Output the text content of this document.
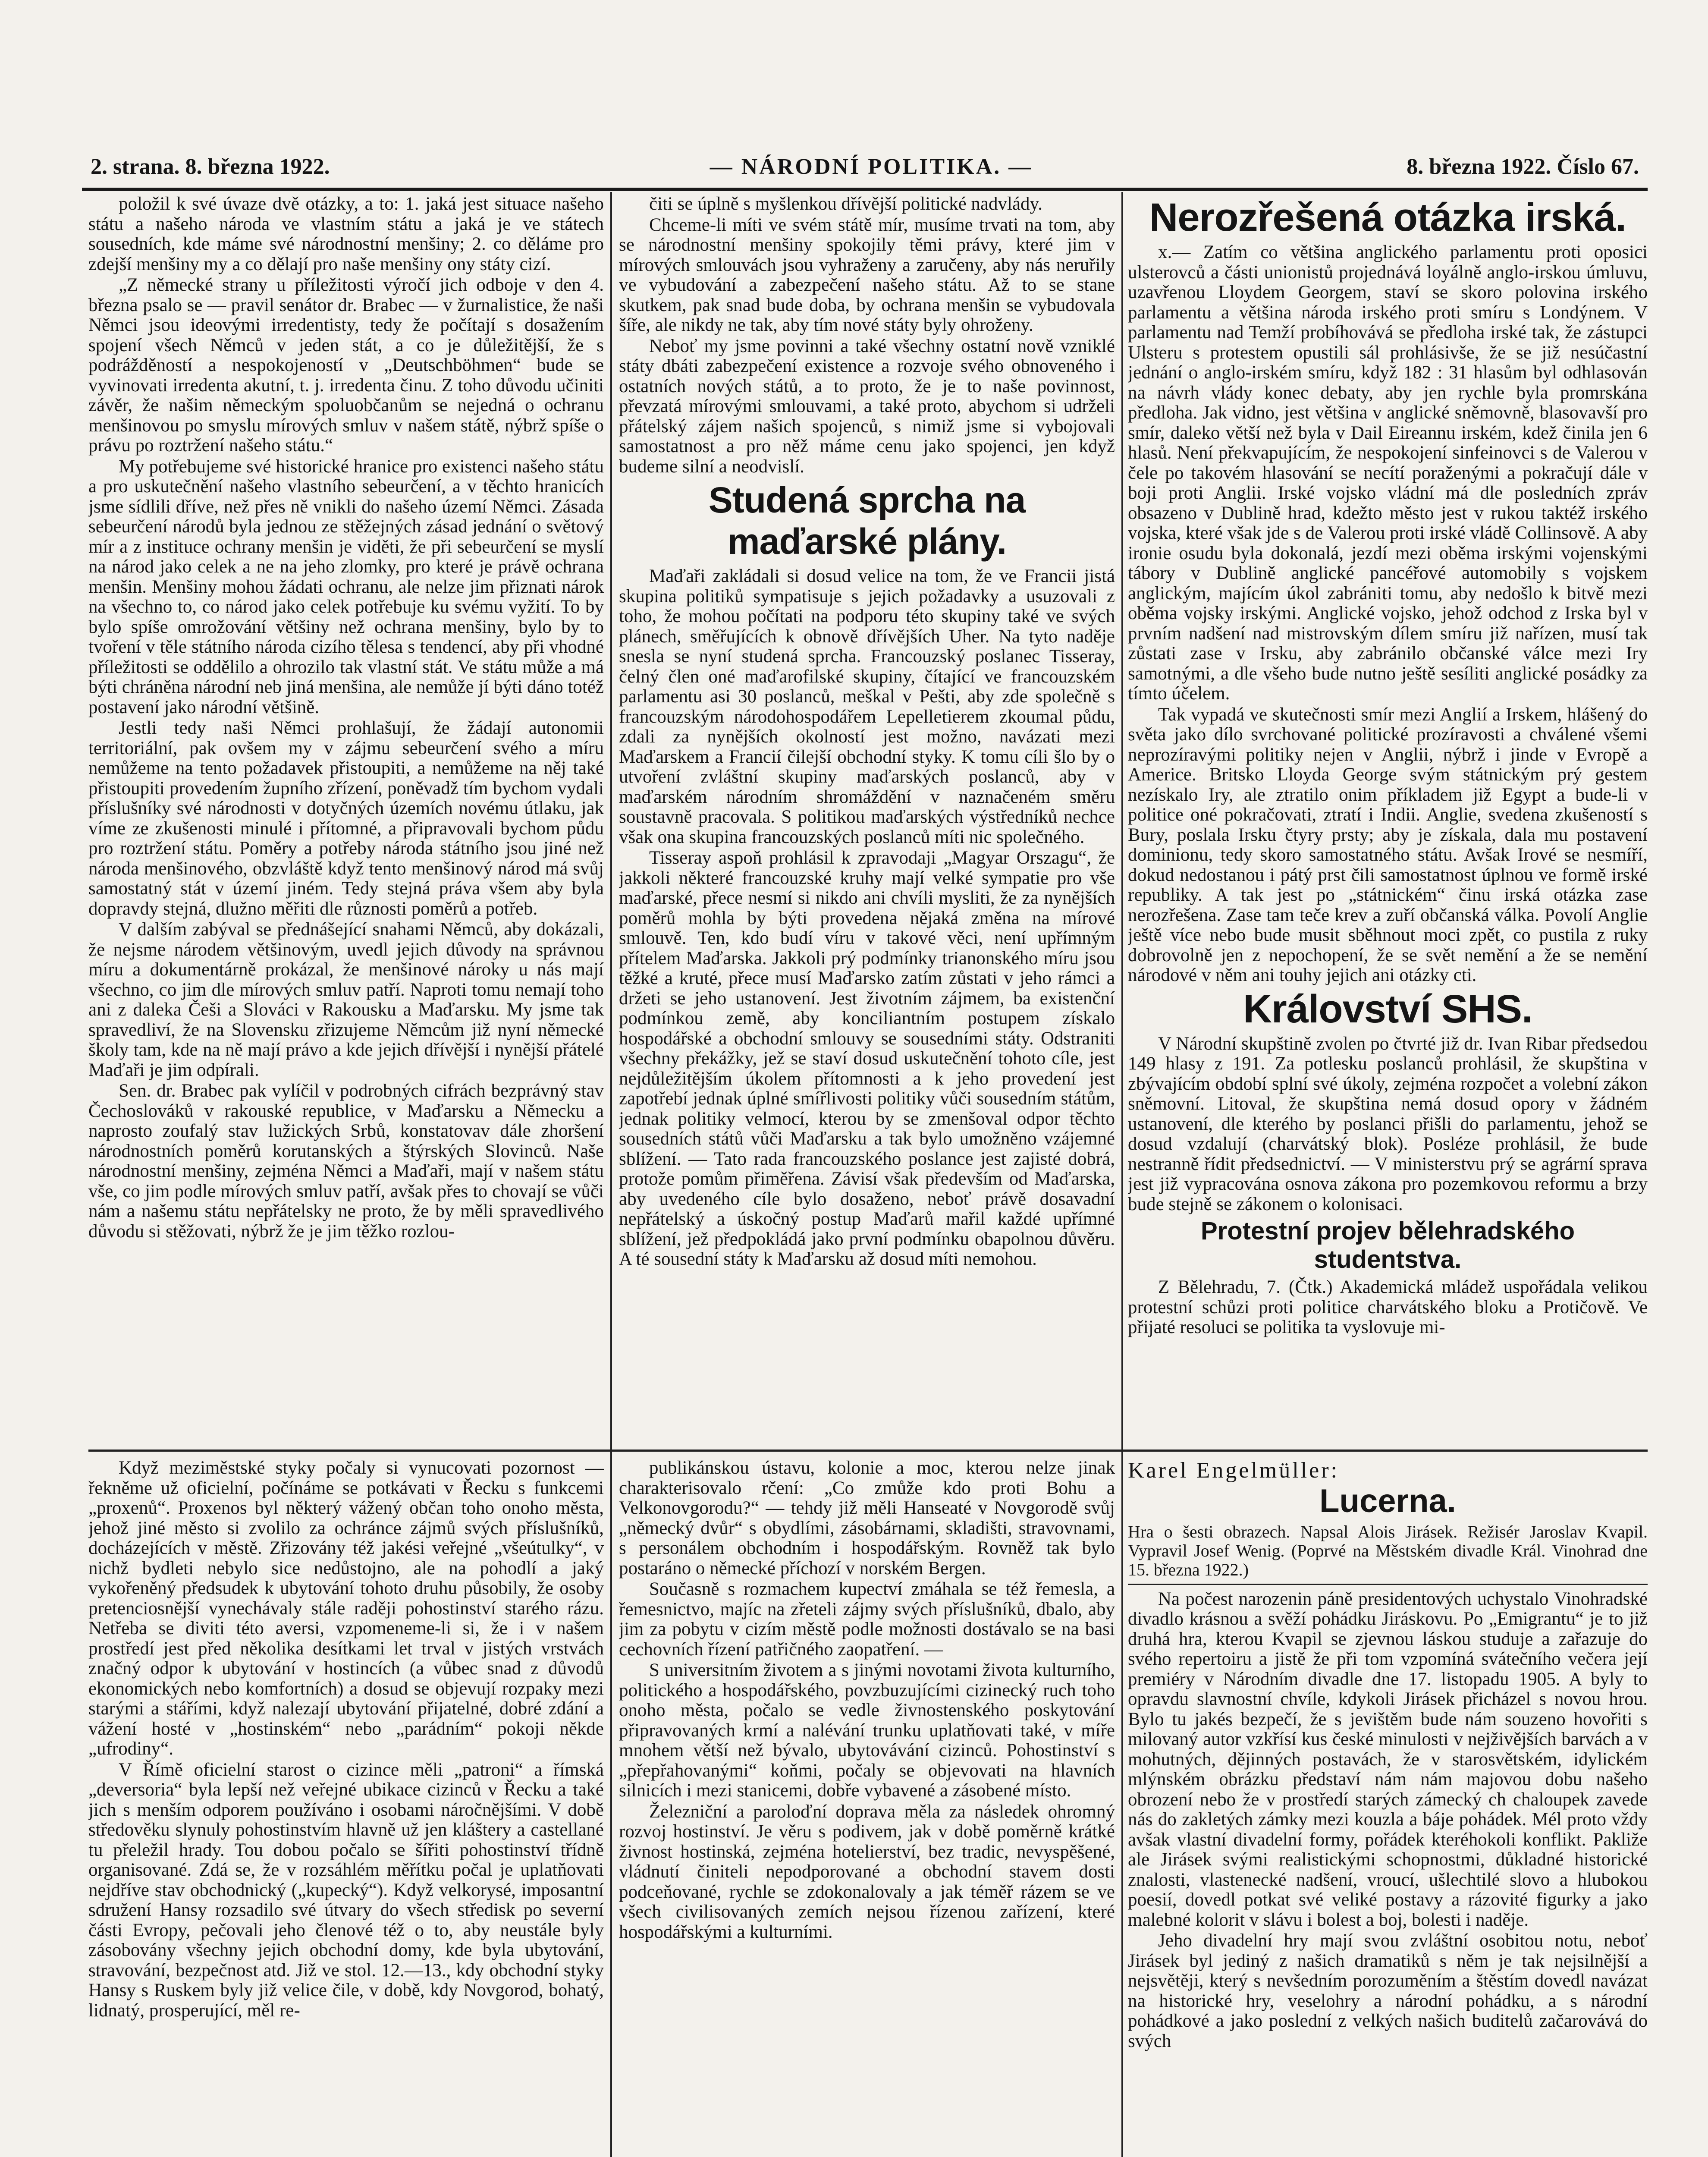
2. strana. 8. března 1922.	— NÁRODNÍ POLITIKA. —	8. března 1922. Číslo 67.

položil k své úvaze dvě otázky, a to: 1. jaká jest situace našeho státu a našeho národa ve vlastním státu a jaká je ve státech sousedních, kde máme své národnostní menšiny; 2. co děláme pro zdejší menšiny my a co dělají pro naše menšiny ony státy cizí.

„Z německé strany u příležitosti výročí jich odboje v den 4. března psalo se — pravil senátor dr. Brabec — v žurnalistice, že naši Němci jsou ideovými irredentisty, tedy že počítají s dosažením spojení všech Němců v jeden stát, a co je důležitější, že s podrážděností a nespokojeností v „Deutschböhmen“ bude se vyvinovati irredenta akutní, t. j. irredenta činu. Z toho důvodu učiniti závěr, že našim německým spoluobčanům se nejedná o ochranu menšinovou po smyslu mírových smluv v našem státě, nýbrž spíše o právu po roztržení našeho státu.“

My potřebujeme své historické hranice pro existenci našeho státu a pro uskutečnění našeho vlastního sebeurčení, a v těchto hranicích jsme sídlili dříve, než přes ně vnikli do našeho území Němci. Zásada sebeurčení národů byla jednou ze stěžejných zásad jednání o světový mír a z instituce ochrany menšin je viděti, že při sebeurčení se myslí na národ jako celek a ne na jeho zlomky, pro které je právě ochrana menšin. Menšiny mohou žádati ochranu, ale nelze jim přiznati nárok na všechno to, co národ jako celek potřebuje ku svému vyžití. To by bylo spíše omrožování většiny než ochrana menšiny, bylo by to tvoření v těle státního národa cizího tělesa s tendencí, aby při vhodné příležitosti se oddělilo a ohrozilo tak vlastní stát. Ve státu může a má býti chráněna národní neb jiná menšina, ale nemůže jí býti dáno totéž postavení jako národní většině.

Jestli tedy naši Němci prohlašují, že žádají autonomii territoriální, pak ovšem my v zájmu sebeurčení svého a míru nemůžeme na tento požadavek přistoupiti, a nemůžeme na něj také přistoupiti provedením župního zřízení, poněvadž tím bychom vydali příslušníky své národnosti v dotyčných územích novému útlaku, jak víme ze zkušenosti minulé i přítomné, a připravovali bychom půdu pro roztržení státu. Poměry a potřeby národa státního jsou jiné než národa menšinového, obzvláště když tento menšinový národ má svůj samostatný stát v území jiném. Tedy stejná práva všem aby byla dopravdy stejná, dlužno měřiti dle různosti poměrů a potřeb.

V dalším zabýval se přednášející snahami Němců, aby dokázali, že nejsme národem většinovým, uvedl jejich důvody na správnou míru a dokumentárně prokázal, že menšinové nároky u nás mají všechno, co jim dle mírových smluv patří. Naproti tomu nemají toho ani z daleka Češi a Slováci v Rakousku a Maďarsku. My jsme tak spravedliví, že na Slovensku zřizujeme Němcům již nyní německé školy tam, kde na ně mají právo a kde jejich dřívější i nynější přátelé Maďaři je jim odpírali.

Sen. dr. Brabec pak vylíčil v podrobných cifrách bezprávný stav Čechoslováků v rakouské republice, v Maďarsku a Německu a naprosto zoufalý stav lužických Srbů, konstatovav dále zhoršení národnostních poměrů korutanských a štýrských Slovinců. Naše národnostní menšiny, zejména Němci a Maďaři, mají v našem státu vše, co jim podle mírových smluv patří, avšak přes to chovají se vůči nám a našemu státu nepřátelsky ne proto, že by měli spravedlivého důvodu si stěžovati, nýbrž že je jim těžko rozlou-

čiti se úplně s myšlenkou dřívější politické nadvlády.

Chceme-li míti ve svém státě mír, musíme trvati na tom, aby se národnostní menšiny spokojily těmi právy, které jim v mírových smlouvách jsou vyhraženy a zaručeny, aby nás neruřily ve vybudování a zabezpečení našeho státu. Až to se stane skutkem, pak snad bude doba, by ochrana menšin se vybudovala šíře, ale nikdy ne tak, aby tím nové státy byly ohroženy.

Neboť my jsme povinni a také všechny ostatní nově vzniklé státy dbáti zabezpečení existence a rozvoje svého obnoveného i ostatních nových států, a to proto, že je to naše povinnost, převzatá mírovými smlouvami, a také proto, abychom si udrželi přátelský zájem našich spojenců, s nimiž jsme si vybojovali samostatnost a pro něž máme cenu jako spojenci, jen když budeme silní a neodvislí.

Studená sprcha na maďarské plány.

Maďaři zakládali si dosud velice na tom, že ve Francii jistá skupina politiků sympatisuje s jejich požadavky a usuzovali z toho, že mohou počítati na podporu této skupiny také ve svých plánech, směřujících k obnově dřívějších Uher. Na tyto naděje snesla se nyní studená sprcha. Francouzský poslanec Tisseray, čelný člen oné maďarofilské skupiny, čítající ve francouzském parlamentu asi 30 poslanců, meškal v Pešti, aby zde společně s francouzským národohospodářem Lepelletierem zkoumal půdu, zdali za nynějších okolností jest možno, navázati mezi Maďarskem a Francií čilejší obchodní styky. K tomu cíli šlo by o utvoření zvláštní skupiny maďarských poslanců, aby v maďarském národním shromáždění v naznačeném směru soustavně pracovala. S politikou maďarských výstředníků nechce však ona skupina francouzských poslanců míti nic společného.

Tisseray aspoň prohlásil k zpravodaji „Magyar Orszagu“, že jakkoli některé francouzské kruhy mají velké sympatie pro vše maďarské, přece nesmí si nikdo ani chvíli mysliti, že za nynějších poměrů mohla by býti provedena nějaká změna na mírové smlouvě. Ten, kdo budí víru v takové věci, není upřímným přítelem Maďarska. Jakkoli prý podmínky trianonského míru jsou těžké a kruté, přece musí Maďarsko zatím zůstati v jeho rámci a držeti se jeho ustanovení. Jest životním zájmem, ba existenční podmínkou země, aby konciliantním postupem získalo hospodářské a obchodní smlouvy se sousedními státy. Odstraniti všechny překážky, jež se staví dosud uskutečnění tohoto cíle, jest nejdůležitějším úkolem přítomnosti a k jeho provedení jest zapotřebí jednak úplné smířlivosti politiky vůči sousedním státům, jednak politiky velmocí, kterou by se zmenšoval odpor těchto sousedních států vůči Maďarsku a tak bylo umožněno vzájemné sblížení. — Tato rada francouzského poslance jest zajisté dobrá, protože pomům přiměřena. Závisí však především od Maďarska, aby uvedeného cíle bylo dosaženo, neboť právě dosavadní nepřátelský a úskočný postup Maďarů mařil každé upřímné sblížení, jež předpokládá jako první podmínku obapolnou důvěru. A té sousední státy k Maďarsku až dosud míti nemohou.

Nerozřešená otázka irská.

x.— Zatím co většina anglického parlamentu proti oposici ulsterovců a části unionistů projednává loyálně anglo-irskou úmluvu, uzavřenou Lloydem Georgem, staví se skoro polovina irského parlamentu a většina národa irského proti smíru s Londýnem. V parlamentu nad Temží probíhovává se předloha irské tak, že zástupci Ulsteru s protestem opustili sál prohlásivše, že se již nesúčastní jednání o anglo-irském smíru, když 182 : 31 hlasům byl odhlasován na návrh vlády konec debaty, aby jen rychle byla promrskána předloha. Jak vidno, jest většina v anglické sněmovně, blasovavší pro smír, daleko větší než byla v Dail Eireannu irském, kdež činila jen 6 hlasů. Není překvapujícím, že nespokojení sinfeinovci s de Valerou v čele po takovém hlasování se necítí poraženými a pokračují dále v boji proti Anglii. Irské vojsko vládní má dle posledních zpráv obsazeno v Dublině hrad, kdežto město jest v rukou taktéž irského vojska, které však jde s de Valerou proti irské vládě Collinsově. A aby ironie osudu byla dokonalá, jezdí mezi oběma irskými vojenskými tábory v Dublině anglické pancéřové automobily s vojskem anglickým, majícím úkol zabrániti tomu, aby nedošlo k bitvě mezi oběma vojsky irskými. Anglické vojsko, jehož odchod z Irska byl v prvním nadšení nad mistrovským dílem smíru již nařízen, musí tak zůstati zase v Irsku, aby zabránilo občanské válce mezi Iry samotnými, a dle všeho bude nutno ještě sesíliti anglické posádky za tímto účelem.

Tak vypadá ve skutečnosti smír mezi Anglií a Irskem, hlášený do světa jako dílo svrchované politické prozíravosti a chválené všemi neprozíravými politiky nejen v Anglii, nýbrž i jinde v Evropě a Americe. Britsko Lloyda George svým státnickým prý gestem nezískalo Iry, ale ztratilo onim příkladem již Egypt a bude-li v politice oné pokračovati, ztratí i Indii. Anglie, svedena zkušeností s Bury, poslala Irsku čtyry prsty; aby je získala, dala mu postavení dominionu, tedy skoro samostatného státu. Avšak Irové se nesmíří, dokud nedostanou i pátý prst čili samostatnost úplnou ve formě irské republiky. A tak jest po „státnickém“ činu irská otázka zase nerozřešena. Zase tam teče krev a zuří občanská válka. Povolí Anglie ještě více nebo bude musit sběhnout moci zpět, co pustila z ruky dobrovolně jen z nepochopení, že se svět nemění a že se nemění národové v něm ani touhy jejich ani otázky cti.

Království SHS.

V Národní skupštině zvolen po čtvrté již dr. Ivan Ribar předsedou 149 hlasy z 191. Za potlesku poslanců prohlásil, že skupština v zbývajícím období splní své úkoly, zejména rozpočet a volební zákon sněmovní. Litoval, že skupština nemá dosud opory v žádném ustanovení, dle kterého by poslanci přišli do parlamentu, jehož se dosud vzdalují (charvátský blok). Posléze prohlásil, že bude nestranně řídit předsednictví. — V ministerstvu prý se agrární sprava jest již vypracována osnova zákona pro pozemkovou reformu a brzy bude stejně se zákonem o kolonisaci.

Protestní projev bělehradského studentstva.

Z Bělehradu, 7. (Čtk.) Akademická mládež uspořádala velikou protestní schůzi proti politice charvátského bloku a Protičově. Ve přijaté resoluci se politika ta vyslovuje mi-

Když meziměstské styky počaly si vynucovati pozornost — řekněme už oficielní, počínáme se potkávati v Řecku s funkcemi „proxenů“. Proxenos byl některý vážený občan toho onoho města, jehož jiné město si zvolilo za ochránce zájmů svých příslušníků, docházejících v městě. Zřizovány též jakési veřejné „všeútulky“, v nichž bydleti nebylo sice nedůstojno, ale na pohodlí a jaký vykořeněný předsudek k ubytování tohoto druhu působily, že osoby pretenciosnější vynechávaly stále raději pohostinství starého rázu. Netřeba se diviti této aversi, vzpomeneme-li si, že i v našem prostředí jest před několika desítkami let trval v jistých vrstvách značný odpor k ubytování v hostincích (a vůbec snad z důvodů ekonomických nebo komfortních) a dosud se objevují rozpaky mezi starými a stářími, když nalezají ubytování přijatelné, dobré zdání a vážení hosté v „hostinském“ nebo „parádním“ pokoji někde „ufrodiny“.

V Římě oficielní starost o cizince měli „patroni“ a římská „deversoria“ byla lepší než veřejné ubikace cizinců v Řecku a také jich s menším odporem používáno i osobami náročnějšími. V době středověku slynuly pohostinstvím hlavně už jen kláštery a castellané tu přeležil hrady. Tou dobou počalo se šířiti pohostinství třídně organisované. Zdá se, že v rozsáhlém měřítku počal je uplatňovati nejdříve stav obchodnický („kupecký“). Když velkorysé, imposantní sdružení Hansy rozsadilo své útvary do všech středisk po severní části Evropy, pečovali jeho členové též o to, aby neustále byly zásobovány všechny jejich obchodní domy, kde byla ubytování, stravování, bezpečnost atd. Již ve stol. 12.—13., kdy obchodní styky Hansy s Ruskem byly již velice čile, v době, kdy Novgorod, bohatý, lidnatý, prosperující, měl re-

publikánskou ústavu, kolonie a moc, kterou nelze jinak charakterisovalo rčení: „Co zmůže kdo proti Bohu a Velkonovgorodu?“ — tehdy již měli Hanseaté v Novgorodě svůj „německý dvůr“ s obydlími, zásobárnami, skladišti, stravovnami, s personálem obchodním i hospodářským. Rovněž tak bylo postaráno o německé příchozí v norském Bergen.

Současně s rozmachem kupectví zmáhala se též řemesla, a řemesnictvo, majíc na zřeteli zájmy svých příslušníků, dbalo, aby jim za pobytu v cizím městě podle možnosti dostávalo se na basi cechovních řízení patřičného zaopatření. —

S universitním životem a s jinými novotami života kulturního, politického a hospodářského, povzbuzujícími cizinecký ruch toho onoho města, počalo se vedle živnostenského poskytování připravovaných krmí a nalévání trunku uplatňovati také, v míře mnohem větší než bývalo, ubytovávání cizinců. Pohostinství s „přepřahovanými“ koňmi, počaly se objevovati na hlavních silnicích i mezi stanicemi, dobře vybavené a zásobené místo.

Železniční a paroloďní doprava měla za následek ohromný rozvoj hostinství. Je věru s podivem, jak v době poměrně krátké živnost hostinská, zejména hotelierství, bez tradic, nevyspěšené, vládnutí činiteli nepodporované a obchodní stavem dosti podceňované, rychle se zdokonalovaly a jak téměř rázem se ve všech civilisovaných zemích nejsou řízenou zařízení, které hospodářskými a kulturními.

Karel Engelmüller:
Lucerna.
Hra o šesti obrazech. Napsal Alois Jirásek. Režisér Jaroslav Kvapil. Vypravil Josef Wenig. (Poprvé na Městském divadle Král. Vinohrad dne 15. března 1922.)

Na počest narozenin páně presidentových uchystalo Vinohradské divadlo krásnou a svěží pohádku Jiráskovu. Po „Emigrantu“ je to již druhá hra, kterou Kvapil se zjevnou láskou studuje a zařazuje do svého repertoiru a jistě že při tom vzpomíná svátečního večera její premiéry v Národním divadle dne 17. listopadu 1905. A byly to opravdu slavnostní chvíle, kdykoli Jirásek přicházel s novou hrou. Bylo tu jakés bezpečí, že s jevištěm bude nám souzeno hovořiti s milovaný autor vzkřísí kus české minulosti v nejživějších barvách a v mohutných, dějinných postavách, že v starosvětském, idylickém mlýnském obrázku představí nám nám majovou dobu našeho obrození nebo že v prostředí starých zámecký ch chaloupek zavede nás do zakletých zámky mezi kouzla a báje pohádek. Mél proto vždy avšak vlastní divadelní formy, pořádek kteréhokoli konflikt. Pakliže ale Jirásek svými realistickými schopnostmi, důkladné historické znalosti, vlastenecké nadšení, vroucí, ušlechtilé slovo a hlubokou poesií, dovedl potkat své veliké postavy a rázovité figurky a jako malebné kolorit v slávu i bolest a boj, bolesti i naděje.

Jeho divadelní hry mají svou zvláštní osobitou notu, neboť Jirásek byl jediný z našich dramatiků s něm je tak nejsilnější a nejsvětěji, který s nevšedním porozuměním a štěstím dovedl navázat na historické hry, veselohry a národní pohádku, a s národní pohádkové a jako poslední z velkých našich buditelů začarovává do svých
